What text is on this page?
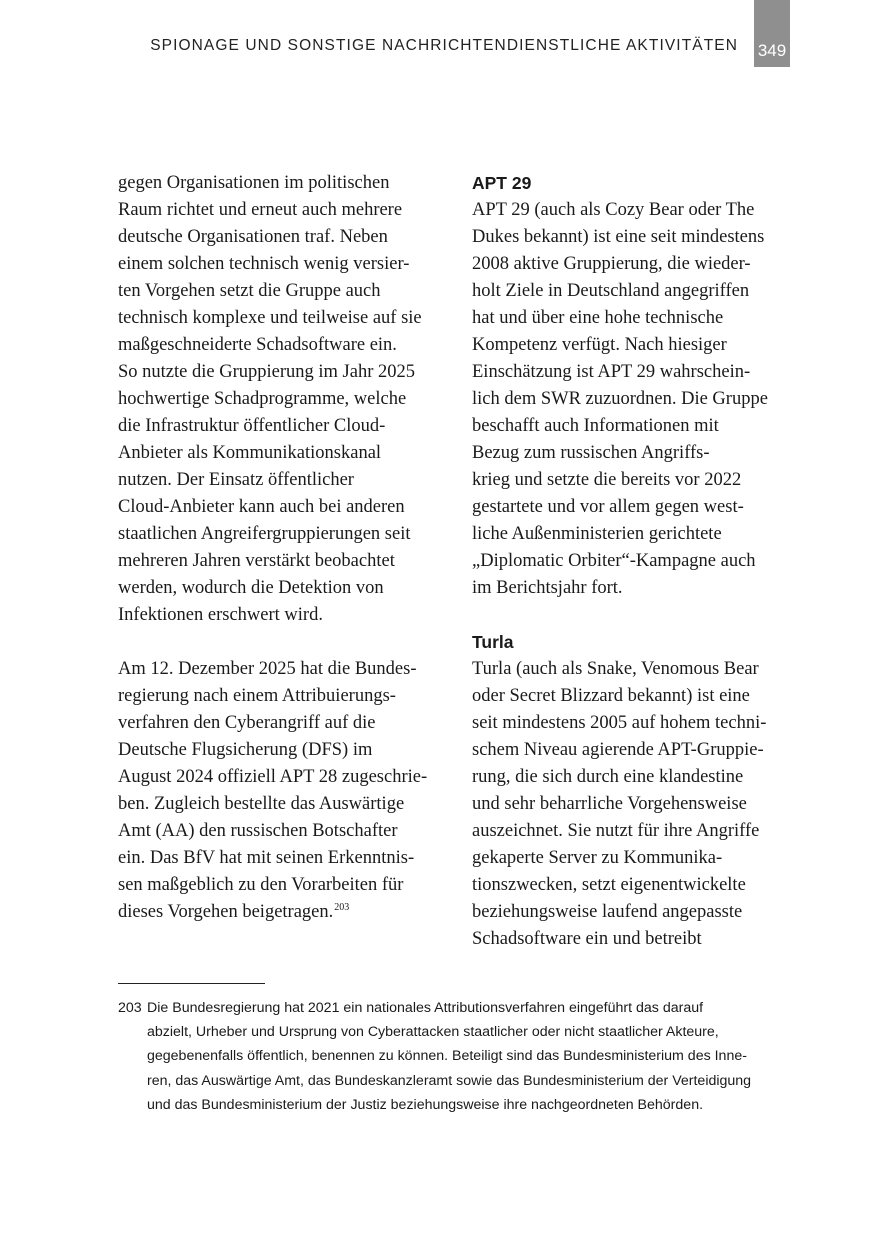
SPIONAGE UND SONSTIGE NACHRICHTENDIENSTLICHE AKTIVITÄTEN 349
gegen Organisationen im politischen
Raum richtet und erneut auch mehrere
deutsche Organisationen traf. Neben
einem solchen technisch wenig versier-
ten Vorgehen setzt die Gruppe auch
technisch komplexe und teilweise auf sie
maßgeschneiderte Schadsoftware ein.
So nutzte die Gruppierung im Jahr 2025
hochwertige Schadprogramme, welche
die Infrastruktur öffentlicher Cloud-
Anbieter als Kommunikationskanal
nutzen. Der Einsatz öffentlicher
Cloud-Anbieter kann auch bei anderen
staatlichen Angreifergruppierungen seit
mehreren Jahren verstärkt beobachtet
werden, wodurch die Detektion von
Infektionen erschwert wird.
Am 12. Dezember 2025 hat die Bundes-
regierung nach einem Attribuierungs-
verfahren den Cyberangriff auf die
Deutsche Flugsicherung (DFS) im
August 2024 offiziell APT 28 zugeschrie-
ben. Zugleich bestellte das Auswärtige
Amt (AA) den russischen Botschafter
ein. Das BfV hat mit seinen Erkenntnis-
sen maßgeblich zu den Vorarbeiten für
dieses Vorgehen beigetragen.$^{203}$
APT 29
APT 29 (auch als Cozy Bear oder The
Dukes bekannt) ist eine seit mindestens
2008 aktive Gruppierung, die wieder-
holt Ziele in Deutschland angegriffen
hat und über eine hohe technische
Kompetenz verfügt. Nach hiesiger
Einschätzung ist APT 29 wahrschein-
lich dem SWR zuzuordnen. Die Gruppe
beschafft auch Informationen mit
Bezug zum russischen Angriffs-
krieg und setzte die bereits vor 2022
gestartete und vor allem gegen west-
liche Außenministerien gerichtete
„Diplomatic Orbiter“-Kampagne auch
im Berichtsjahr fort.
Turla
Turla (auch als Snake, Venomous Bear
oder Secret Blizzard bekannt) ist eine
seit mindestens 2005 auf hohem techni-
schem Niveau agierende APT-Gruppie-
rung, die sich durch eine klandestine
und sehr beharrliche Vorgehensweise
auszeichnet. Sie nutzt für ihre Angriffe
gekaperte Server zu Kommunika-
tionszwecken, setzt eigenentwickelte
beziehungsweise laufend angepasste
Schadsoftware ein und betreibt
203 Die Bundesregierung hat 2021 ein nationales Attributionsverfahren eingeführt das darauf
abzielt, Urheber und Ursprung von Cyberattacken staatlicher oder nicht staatlicher Akteure,
gegebenenfalls öffentlich, benennen zu können. Beteiligt sind das Bundesministerium des Inne-
ren, das Auswärtige Amt, das Bundeskanzleramt sowie das Bundesministerium der Verteidigung
und das Bundesministerium der Justiz beziehungsweise ihre nachgeordneten Behörden.
